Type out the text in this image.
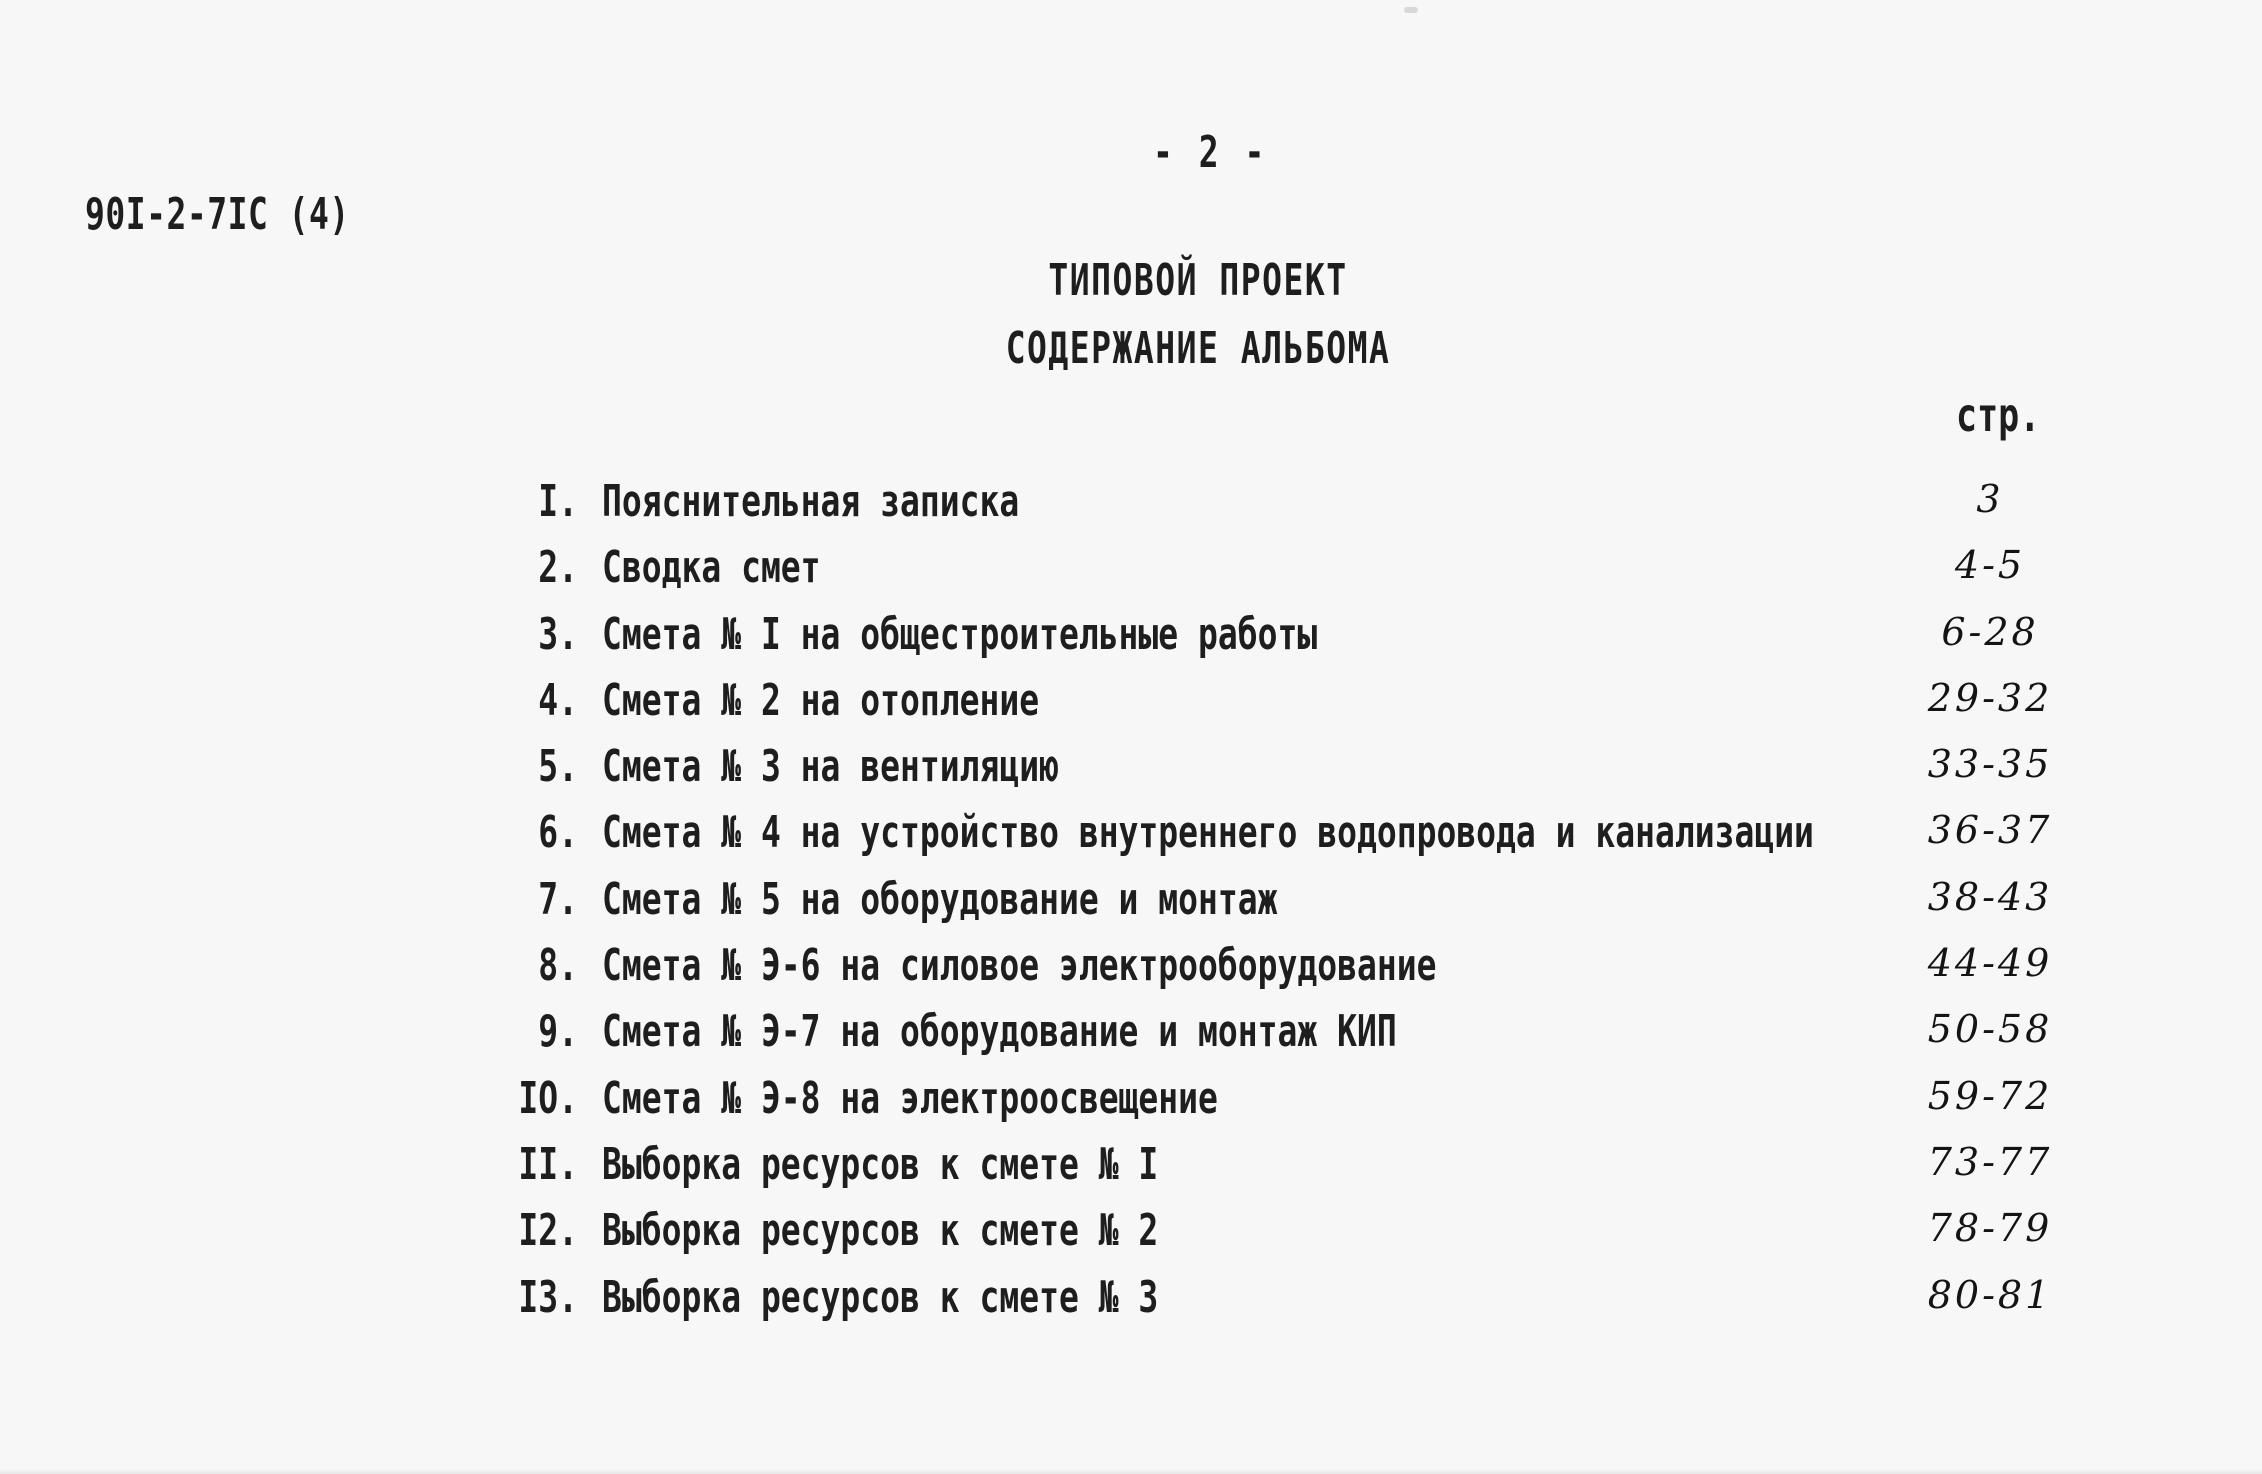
90I-2-7IC (4)
- 2 -
ТИПОВОЙ ПРОЕКТ
СОДЕРЖАНИЕ АЛЬБОМА
стр.
I. Пояснительная записка	3
2. Сводка смет	4-5
3. Смета № I на общестроительные работы	6-28
4. Смета № 2 на отопление	29-32
5. Смета № 3 на вентиляцию	33-35
6. Смета № 4 на устройство внутреннего водопровода и канализации	36-37
7. Смета № 5 на оборудование и монтаж	38-43
8. Смета № Э-6 на силовое электрооборудование	44-49
9. Смета № Э-7 на оборудование и монтаж КИП	50-58
IO. Смета № Э-8 на электроосвещение	59-72
II. Выборка ресурсов к смете № I	73-77
I2. Выборка ресурсов к смете № 2	78-79
I3. Выборка ресурсов к смете № 3	80-81
